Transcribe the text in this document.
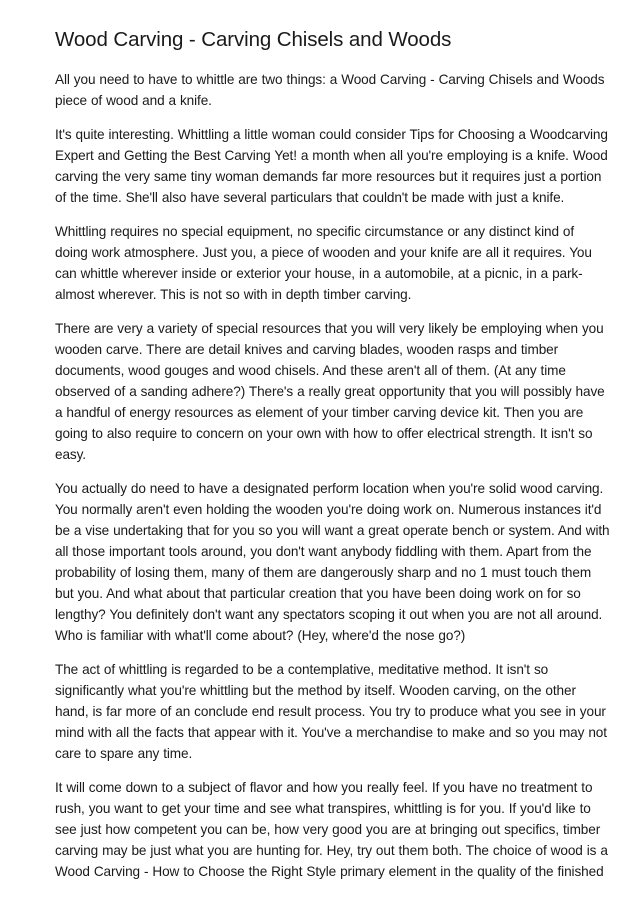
Wood Carving - Carving Chisels and Woods

All you need to have to whittle are two things: a Wood Carving - Carving Chisels and Woods
piece of wood and a knife.

It's quite interesting. Whittling a little woman could consider Tips for Choosing a Woodcarving
Expert and Getting the Best Carving Yet! a month when all you're employing is a knife. Wood
carving the very same tiny woman demands far more resources but it requires just a portion
of the time. She'll also have several particulars that couldn't be made with just a knife.

Whittling requires no special equipment, no specific circumstance or any distinct kind of
doing work atmosphere. Just you, a piece of wooden and your knife are all it requires. You
can whittle wherever inside or exterior your house, in a automobile, at a picnic, in a park-
almost wherever. This is not so with in depth timber carving.

There are very a variety of special resources that you will very likely be employing when you
wooden carve. There are detail knives and carving blades, wooden rasps and timber
documents, wood gouges and wood chisels. And these aren't all of them. (At any time
observed of a sanding adhere?) There's a really great opportunity that you will possibly have
a handful of energy resources as element of your timber carving device kit. Then you are
going to also require to concern on your own with how to offer electrical strength. It isn't so
easy.

You actually do need to have a designated perform location when you're solid wood carving.
You normally aren't even holding the wooden you're doing work on. Numerous instances it'd
be a vise undertaking that for you so you will want a great operate bench or system. And with
all those important tools around, you don't want anybody fiddling with them. Apart from the
probability of losing them, many of them are dangerously sharp and no 1 must touch them
but you. And what about that particular creation that you have been doing work on for so
lengthy? You definitely don't want any spectators scoping it out when you are not all around.
Who is familiar with what'll come about? (Hey, where'd the nose go?)

The act of whittling is regarded to be a contemplative, meditative method. It isn't so
significantly what you're whittling but the method by itself. Wooden carving, on the other
hand, is far more of an conclude end result process. You try to produce what you see in your
mind with all the facts that appear with it. You've a merchandise to make and so you may not
care to spare any time.

It will come down to a subject of flavor and how you really feel. If you have no treatment to
rush, you want to get your time and see what transpires, whittling is for you. If you'd like to
see just how competent you can be, how very good you are at bringing out specifics, timber
carving may be just what you are hunting for. Hey, try out them both. The choice of wood is a
Wood Carving - How to Choose the Right Style primary element in the quality of the finished
